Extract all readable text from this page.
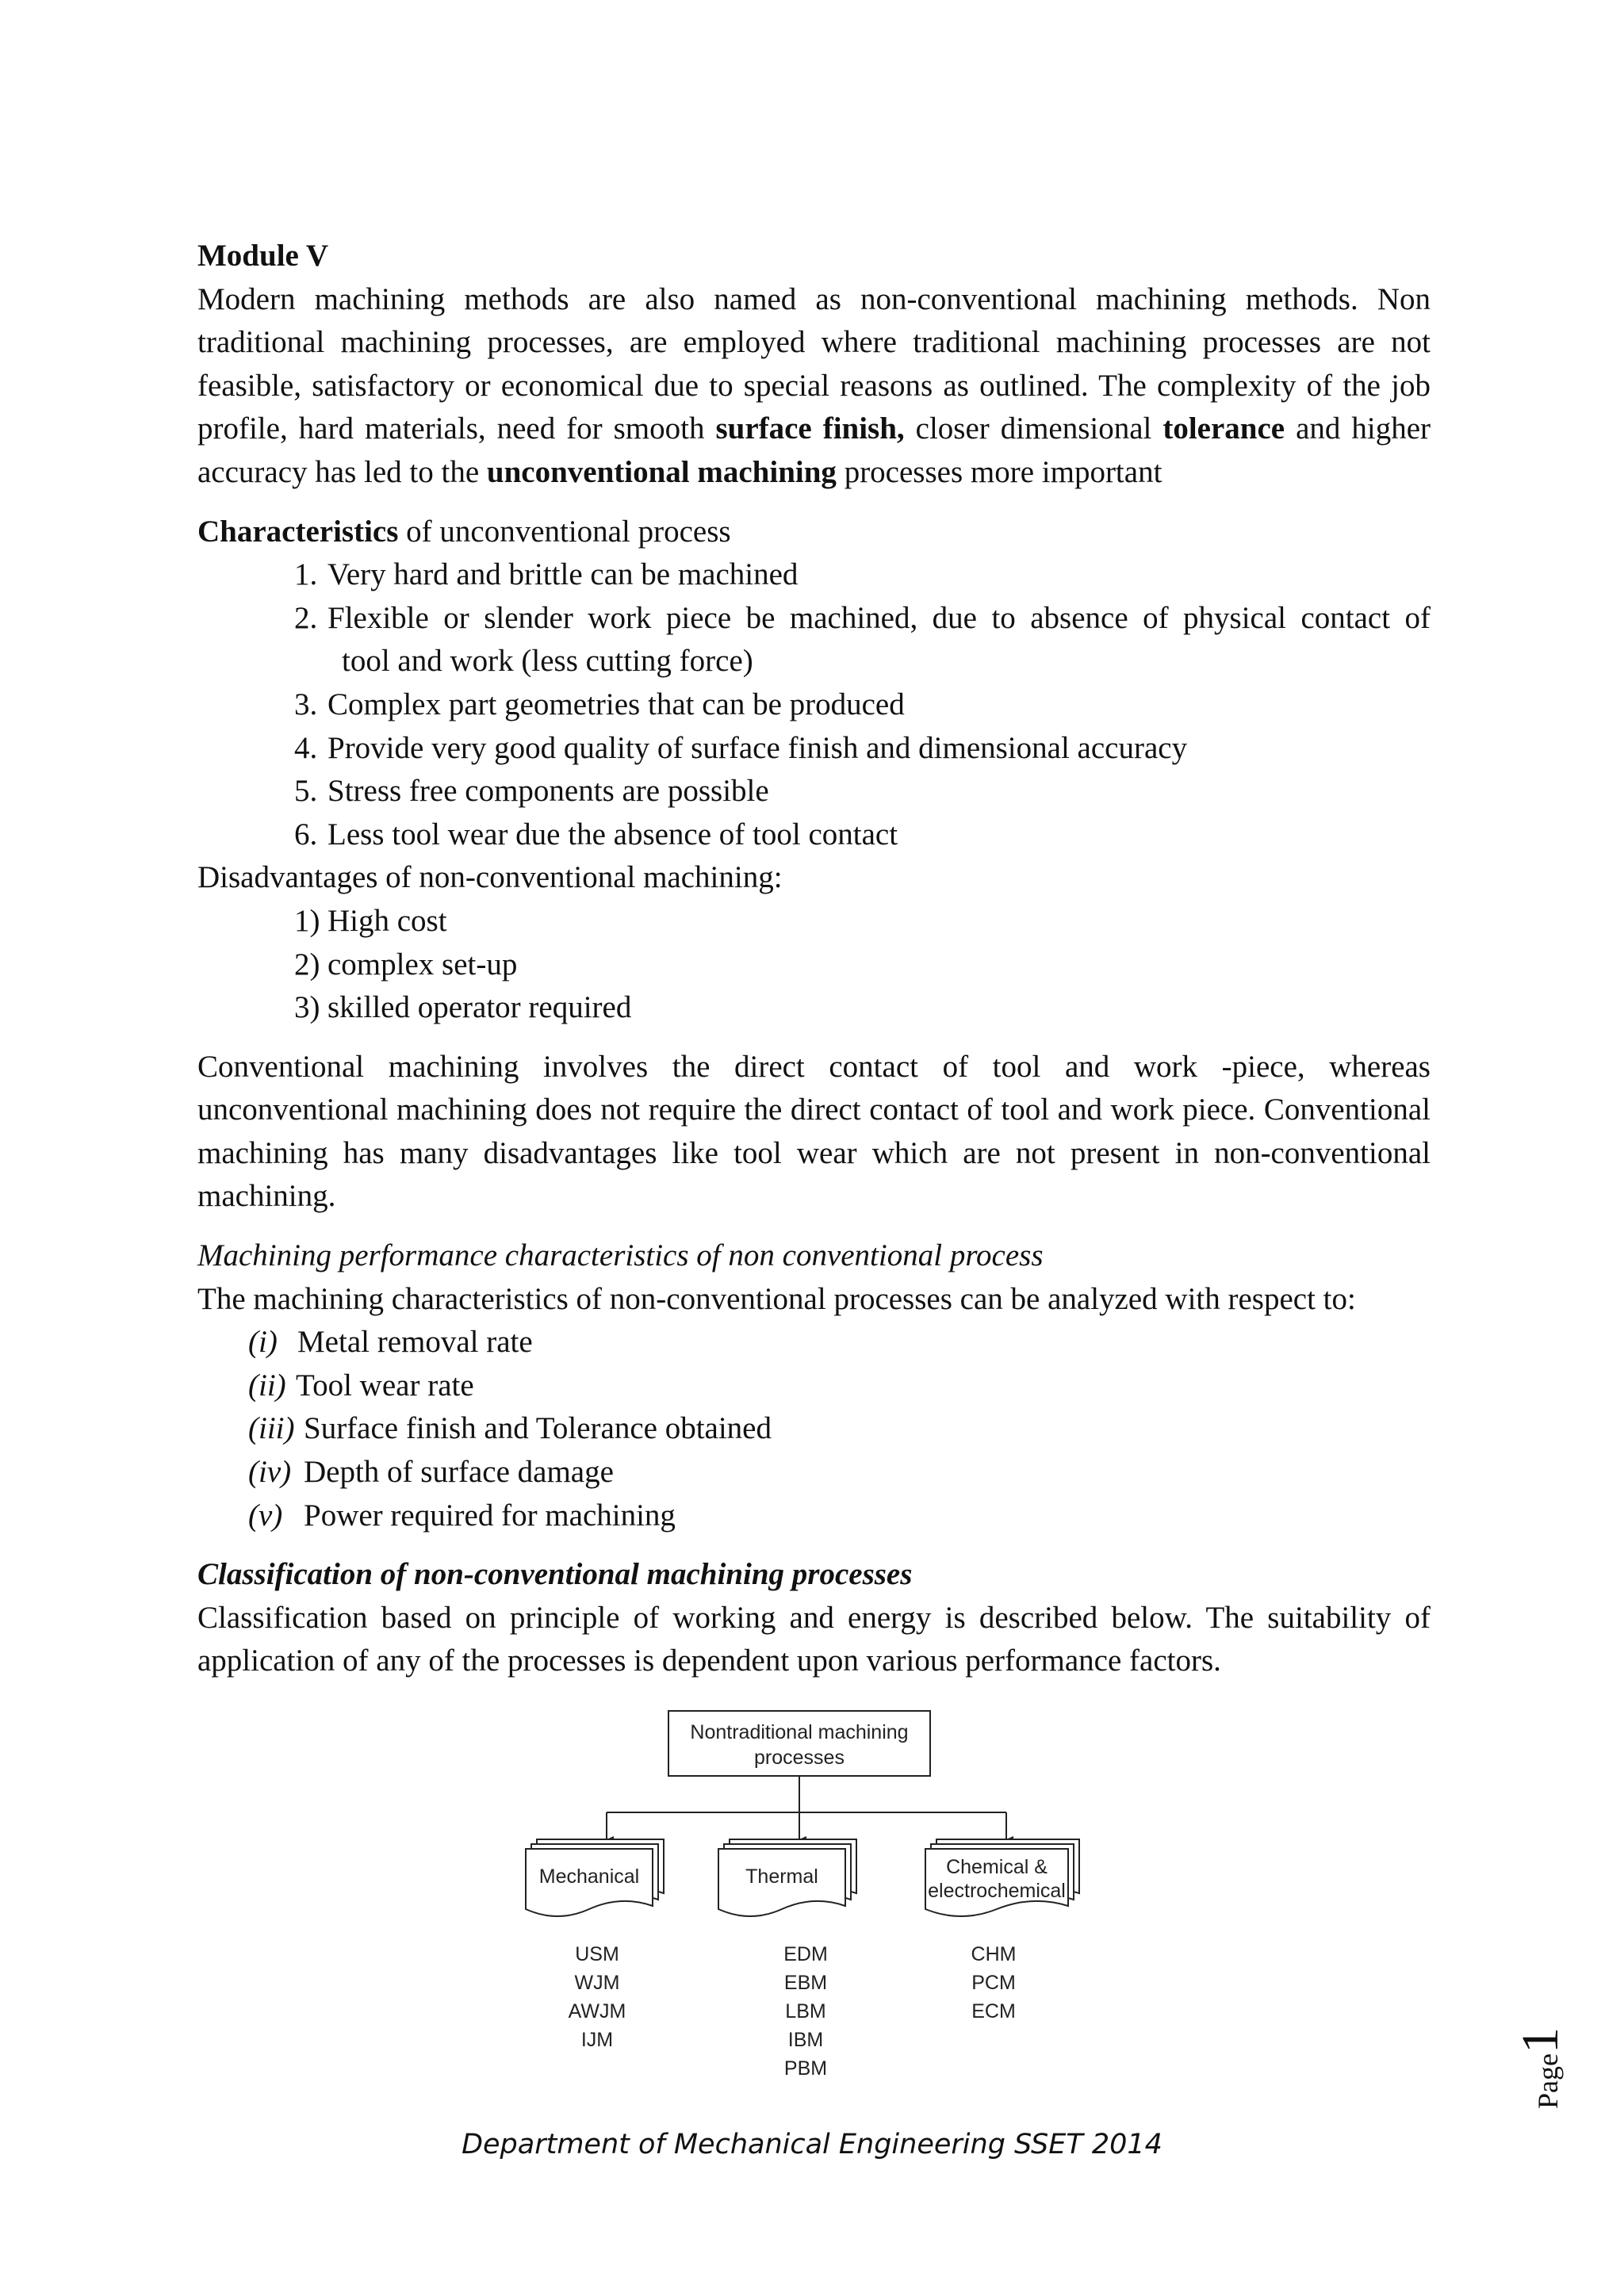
Module V

Modern machining methods are also named as non-conventional machining methods. Non traditional machining processes, are employed where traditional machining processes are not feasible, satisfactory or economical due to special reasons as outlined. The complexity of the job profile, hard materials, need for smooth surface finish, closer dimensional tolerance and higher accuracy has led to the unconventional machining processes more important

Characteristics of unconventional process

1. Very hard and brittle can be machined
2. Flexible or slender work piece be machined, due to absence of physical contact of
tool and work (less cutting force)
3. Complex part geometries that can be produced
4. Provide very good quality of surface finish and dimensional accuracy
5. Stress free components are possible
6. Less tool wear due the absence of tool contact

Disadvantages of non-conventional machining:

1) High cost
2) complex set-up
3) skilled operator required

Conventional machining involves the direct contact of tool and work -piece, whereas unconventional machining does not require the direct contact of tool and work piece. Conventional machining has many disadvantages like tool wear which are not present in non-conventional machining.

Machining performance characteristics of non conventional process

The machining characteristics of non-conventional processes can be analyzed with respect to:

(i) Metal removal rate
(ii) Tool wear rate
(iii) Surface finish and Tolerance obtained
(iv) Depth of surface damage
(v) Power required for machining

Classification of non-conventional machining processes

Classification based on principle of working and energy is described below. The suitability of application of any of the processes is dependent upon various performance factors.

Nontraditional machining
processes
Mechanical	Thermal	Chemical &
electrochemical
USM
WJM
AWJM
IJM
EDM
EBM
LBM
IBM
PBM
CHM
PCM
ECM
Department of Mechanical Engineering SSET 2014
Page1
